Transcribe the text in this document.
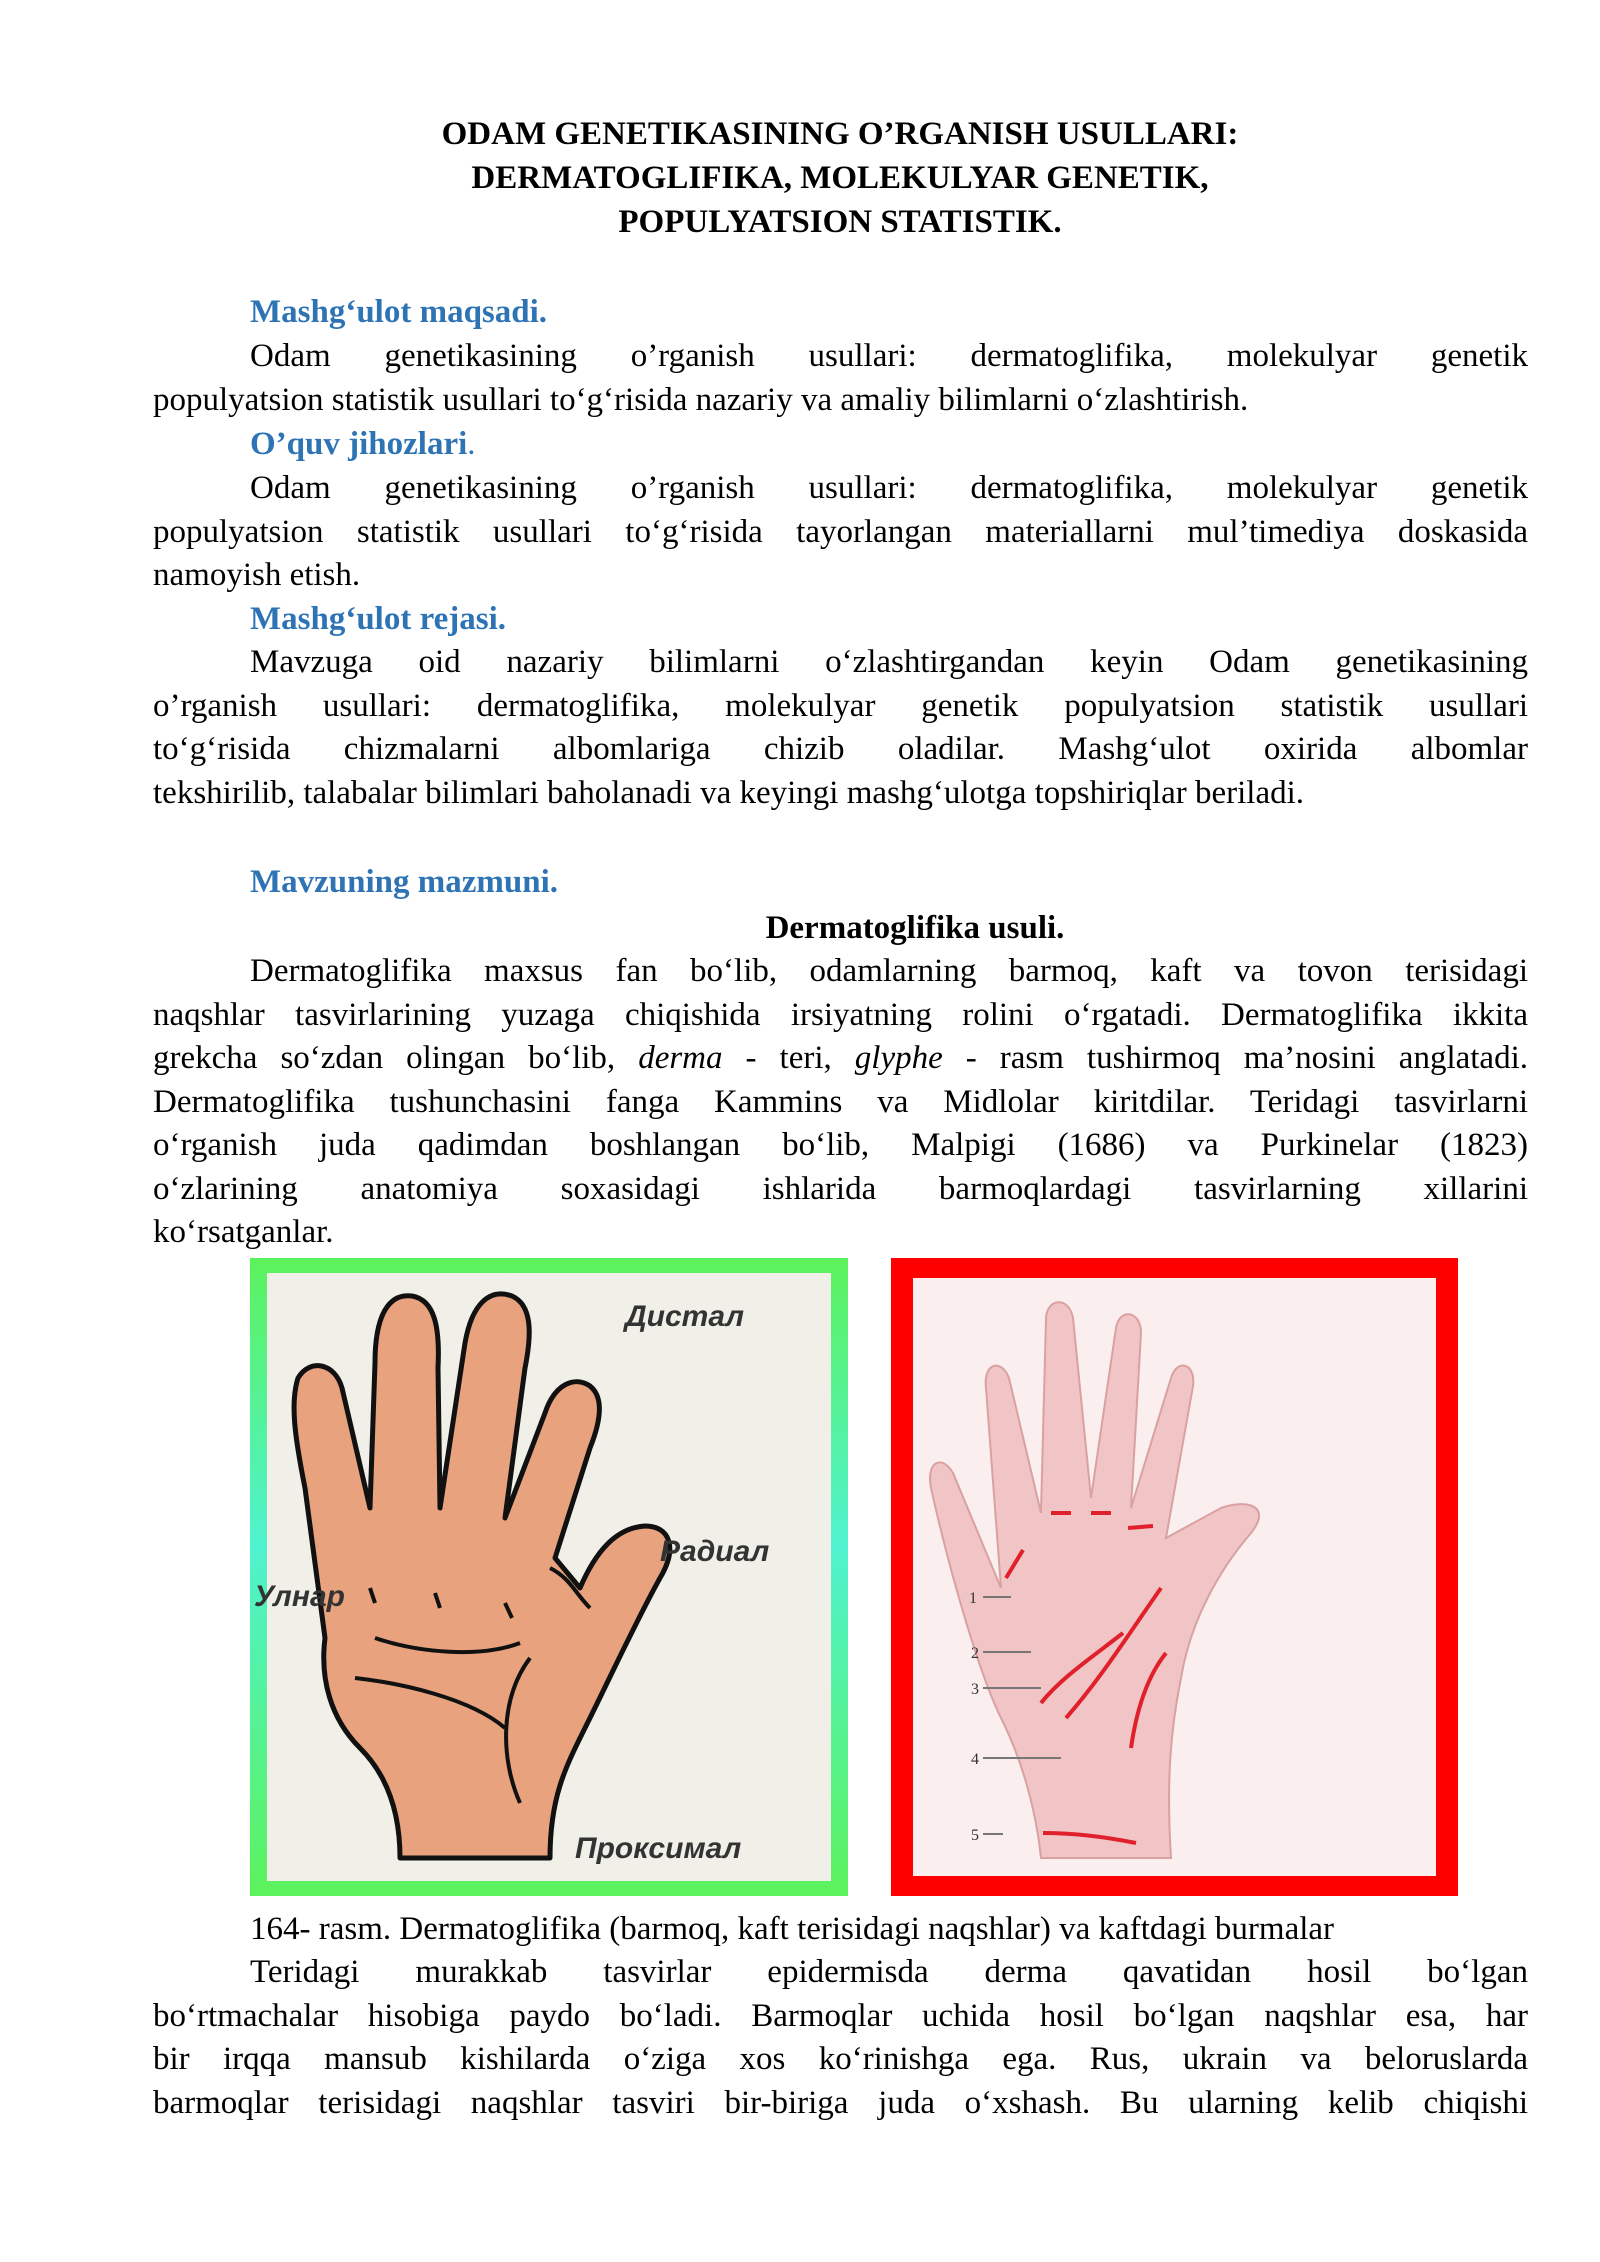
ODAM GENETIKASINING O’RGANISH USULLARI:
DERMATOGLIFIKA, MOLEKULYAR GENETIK,
POPULYATSION STATISTIK.
Mashg‘ulot maqsadi.
Odam genetikasining o’rganish usullari: dermatoglifika, molekulyar genetik
populyatsion statistik usullari to‘g‘risida nazariy va amaliy bilimlarni o‘zlashtirish.
O’quv jihozlari.
Odam genetikasining o’rganish usullari: dermatoglifika, molekulyar genetik
populyatsion statistik usullari to‘g‘risida tayorlangan materiallarni mul’timediya doskasida
namoyish etish.
Mashg‘ulot rejasi.
Mavzuga oid nazariy bilimlarni o‘zlashtirgandan keyin Odam genetikasining
o’rganish usullari: dermatoglifika, molekulyar genetik populyatsion statistik usullari
to‘g‘risida chizmalarni albomlariga chizib oladilar. Mashg‘ulot oxirida albomlar
tekshirilib, talabalar bilimlari baholanadi va keyingi mashg‘ulotga topshiriqlar beriladi.
Mavzuning mazmuni.
Dermatoglifika usuli.
Dermatoglifika maxsus fan bo‘lib, odamlarning barmoq, kaft va tovon terisidagi
naqshlar tasvirlarining yuzaga chiqishida irsiyatning rolini o‘rgatadi. Dermatoglifika ikkita
grekcha so‘zdan olingan bo‘lib, derma - teri, glyphe - rasm tushirmoq ma’nosini anglatadi.
Dermatoglifika tushunchasini fanga Kammins va Midlolar kiritdilar. Teridagi tasvirlarni
o‘rganish juda qadimdan boshlangan bo‘lib, Malpigi (1686) va Purkinelar (1823)
o‘zlarining anatomiya soxasidagi ishlarida barmoqlardagi tasvirlarning xillarini
ko‘rsatganlar.
Дистал
Радиал
Улнар
Проксимал
1
2
3
4
5
164- rasm. Dermatoglifika (barmoq, kaft terisidagi naqshlar) va kaftdagi burmalar
Teridagi murakkab tasvirlar epidermisda derma qavatidan hosil bo‘lgan
bo‘rtmachalar hisobiga paydo bo‘ladi. Barmoqlar uchida hosil bo‘lgan naqshlar esa, har
bir irqqa mansub kishilarda o‘ziga xos ko‘rinishga ega. Rus, ukrain va beloruslarda
barmoqlar terisidagi naqshlar tasviri bir-biriga juda o‘xshash. Bu ularning kelib chiqishi
